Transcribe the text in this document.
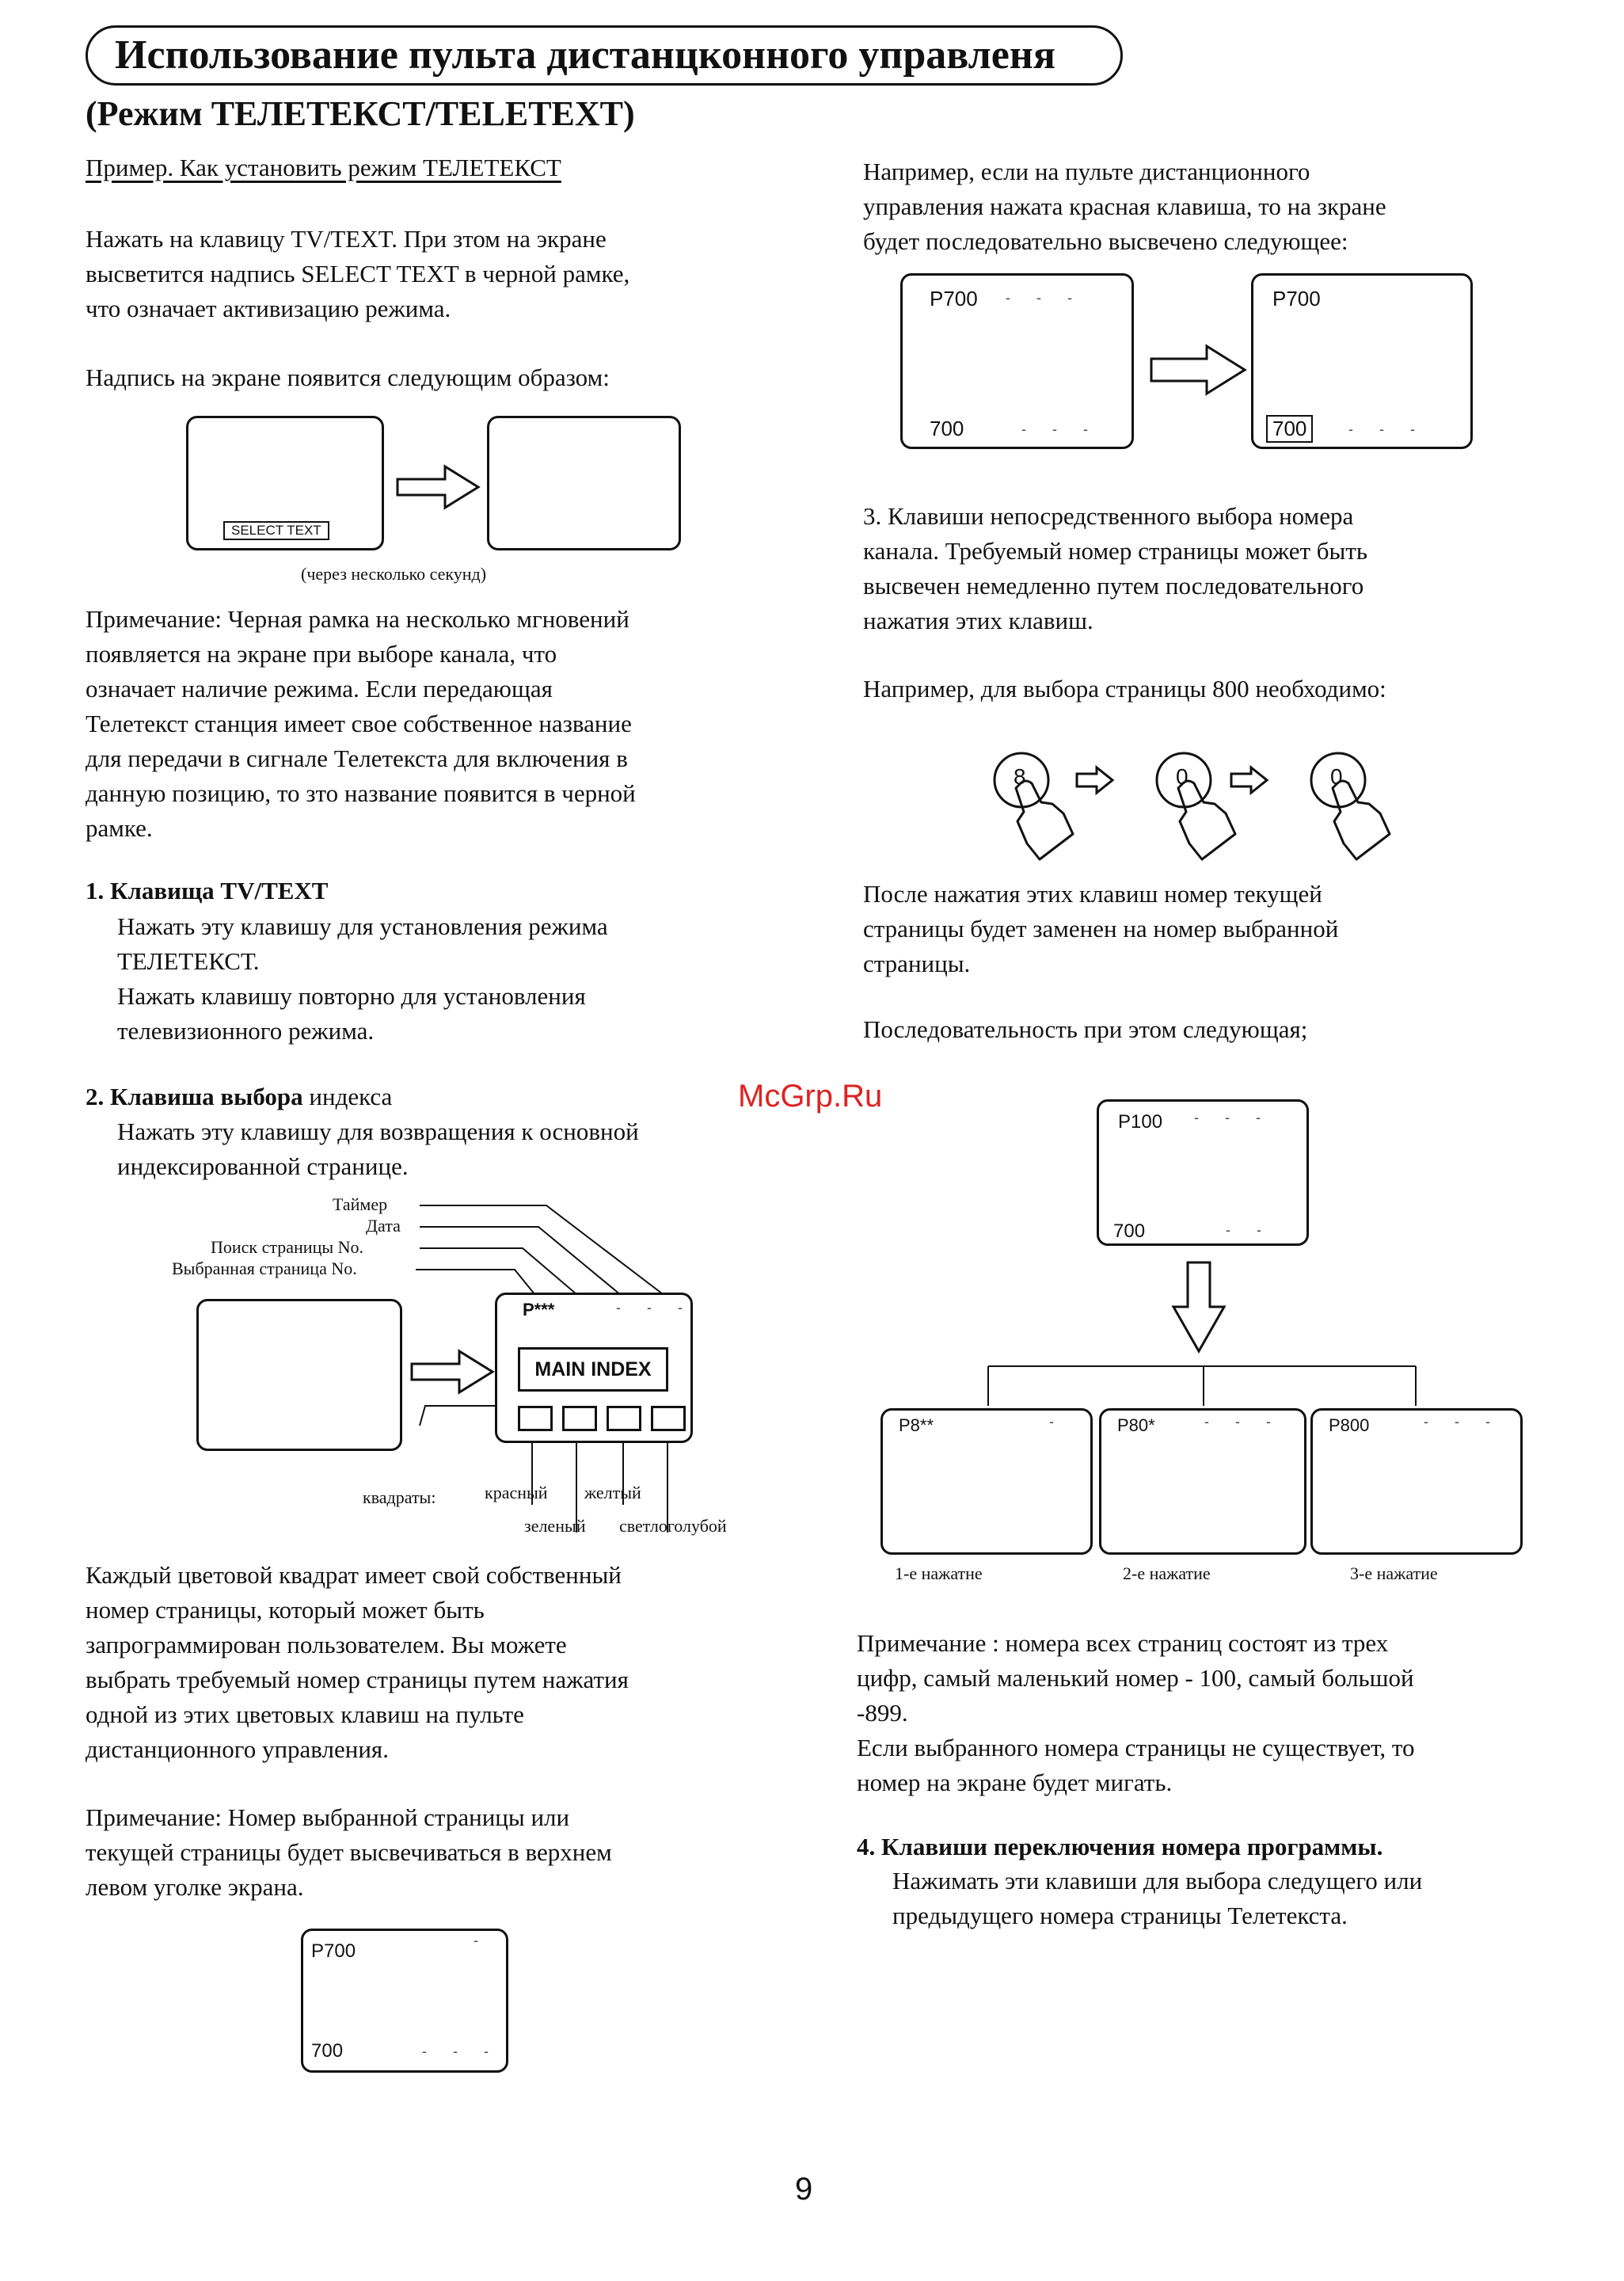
Использование пульта дистанцконного управленя
(Режим ТЕЛЕТЕКСТ/TELETEXT)
Пример. Как установить режим ТЕЛЕТЕКСТ
Нажать на клавицу TV/TEXT. При зтом на экране
высветится надпись SELECT TEXT в черной рамке,
что означает активизацию режима.
Надпись на экране появится следующим образом:
SELECT TEXT
(через несколько секунд)
Примечание: Черная рамка на несколько мгновений
появляется на экране при выборе канала, что
означает наличие режима. Если передающая
Телетекст станция имеет свое собственное название
для передачи в сигнале Телетекста для включения в
данную позицию, то зто название появится в черной
рамке.
1. Клавища TV/TEXT
Нажать эту клавишу для установления режима
ТЕЛЕТЕКСТ.
Нажать клавишу повторно для установления
телевизионного режима.
2. Клавиша выбора индекса
Нажать эту клавишу для возвращения к основной
индексированной странице.
Таймер
Дата
Поиск страницы No.
Выбранная страница No.
P***	- - -
MAIN INDEX
квадраты:	красный желтый
зеленый светлоголубой
Каждый цветовой квадрат имеет свой собственный
номер страницы, который может быть
запрограммирован пользователем. Вы можете
выбрать требуемый номер страницы путем нажатия
одной из этих цветовых клавиш на пульте
дистанционного управления.
Примечание: Номер выбранной страницы или
текущей страницы будет высвечиваться в верхнем
левом уголке экрана.
P700	-
700	- - -
Например, если на пульте дистанционного
управления нажата красная клавиша, то на зкране
будет последовательно высвечено следующее:
P700 - - -
700	- - -
P700
700	- - -
3. Клавиши непосредственного выбора номера
канала. Требуемый номер страницы может быть
высвечен немедленно путем последовательного
нажатия этих клавиш.
Например, для выбора страницы 800 необходимо:
8	0	0
После нажатия этих клавиш номер текущей
страницы будет заменен на номер выбранной
страницы.
Последовательность при этом следующая;
P100 - - -
700	- -
P8**	-	P80*	- - -	P800	- - -
1-е нажатне	2-е нажатие	3-е нажатие
Примечание : номера всех страниц состоят из трех
цифр, самый маленький номер - 100, самый большой
-899.
Если выбранного номера страницы не существует, то
номер на экране будет мигать.
4. Клавиши переключения номера программы.
Нажимать эти клавиши для выбора следущего или
предыдущего номера страницы Телетекста.
McGrp.Ru
9
